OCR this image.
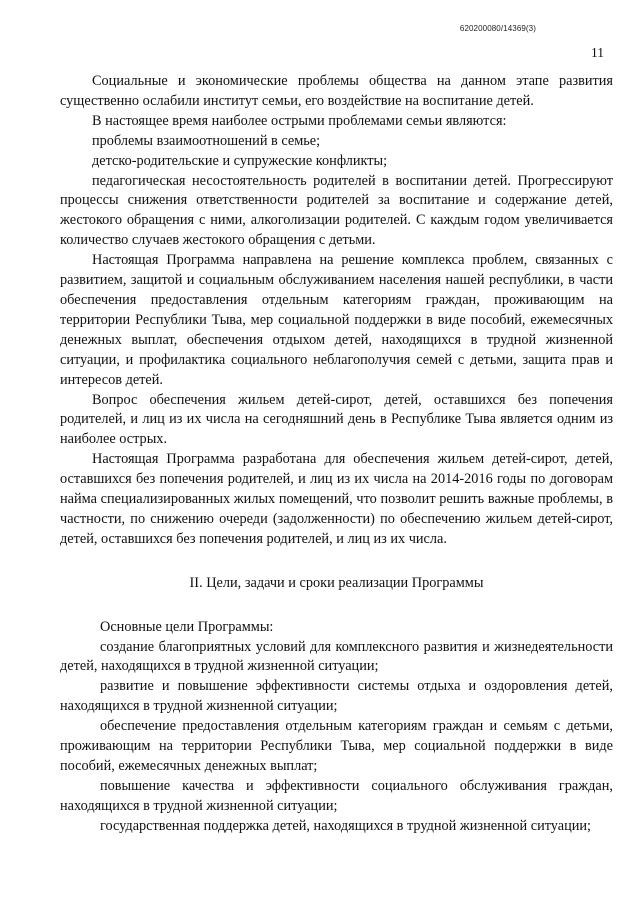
620200080/14369(3)
11

Социальные и экономические проблемы общества на данном этапе развития существенно ослабили институт семьи, его воздействие на воспитание детей.

В настоящее время наиболее острыми проблемами семьи являются:

проблемы взаимоотношений в семье;

детско-родительские и супружеские конфликты;

педагогическая несостоятельность родителей в воспитании детей. Прогрессируют процессы снижения ответственности родителей за воспитание и содержание детей, жестокого обращения с ними, алкоголизации родителей. С каждым годом увеличивается количество случаев жестокого обращения с детьми.

Настоящая Программа направлена на решение комплекса проблем, связанных с развитием, защитой и социальным обслуживанием населения нашей республики, в части обеспечения предоставления отдельным категориям граждан, проживающим на территории Республики Тыва, мер социальной поддержки в виде пособий, ежемесячных денежных выплат, обеспечения отдыхом детей, находящихся в трудной жизненной ситуации, и профилактика социального неблагополучия семей с детьми, защита прав и интересов детей.

Вопрос обеспечения жильем детей-сирот, детей, оставшихся без попечения родителей, и лиц из их числа на сегодняшний день в Республике Тыва является одним из наиболее острых.

Настоящая Программа разработана для обеспечения жильем детей-сирот, детей, оставшихся без попечения родителей, и лиц из их числа на 2014-2016 годы по договорам найма специализированных жилых помещений, что позволит решить важные проблемы, в частности, по снижению очереди (задолженности) по обеспечению жильем детей-сирот, детей, оставшихся без попечения родителей, и лиц из их числа.

II. Цели, задачи и сроки реализации Программы

Основные цели Программы:

создание благоприятных условий для комплексного развития и жизнедеятельности детей, находящихся в трудной жизненной ситуации;

развитие и повышение эффективности системы отдыха и оздоровления детей, находящихся в трудной жизненной ситуации;

обеспечение предоставления отдельным категориям граждан и семьям с детьми, проживающим на территории Республики Тыва, мер социальной поддержки в виде пособий, ежемесячных денежных выплат;

повышение качества и эффективности социального обслуживания граждан, находящихся в трудной жизненной ситуации;

государственная поддержка детей, находящихся в трудной жизненной ситуации;
